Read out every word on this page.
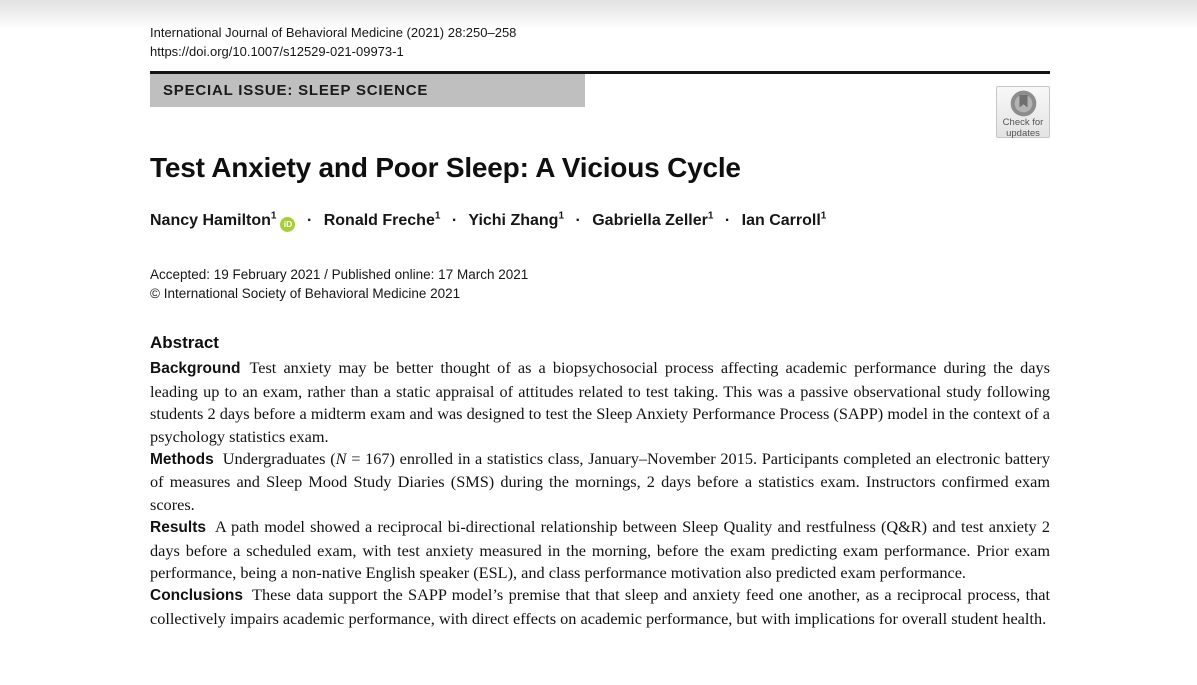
Check for
updates
International Journal of Behavioral Medicine (2021) 28:250–258
https://doi.org/10.1007/s12529-021-09973-1
SPECIAL ISSUE: SLEEP SCIENCE
Test Anxiety and Poor Sleep: A Vicious Cycle
Nancy Hamilton$^1$iD · Ronald Freche$^1$ · Yichi Zhang$^1$ · Gabriella Zeller$^1$ · Ian Carroll$^1$
Accepted: 19 February 2021 / Published online: 17 March 2021
© International Society of Behavioral Medicine 2021
Abstract

Background Test anxiety may be better thought of as a biopsychosocial process affecting academic performance during the days leading up to an exam, rather than a static appraisal of attitudes related to test taking. This was a passive observational study following students 2 days before a midterm exam and was designed to test the Sleep Anxiety Performance Process (SAPP) model in the context of a psychology statistics exam.

Methods Undergraduates (N = 167) enrolled in a statistics class, January–November 2015. Participants completed an electronic battery of measures and Sleep Mood Study Diaries (SMS) during the mornings, 2 days before a statistics exam. Instructors confirmed exam scores.

Results A path model showed a reciprocal bi-directional relationship between Sleep Quality and restfulness (Q&R) and test anxiety 2 days before a scheduled exam, with test anxiety measured in the morning, before the exam predicting exam performance. Prior exam performance, being a non-native English speaker (ESL), and class performance motivation also predicted exam performance.

Conclusions These data support the SAPP model’s premise that that sleep and anxiety feed one another, as a reciprocal process, that collectively impairs academic performance, with direct effects on academic performance, but with implications for overall student health.
